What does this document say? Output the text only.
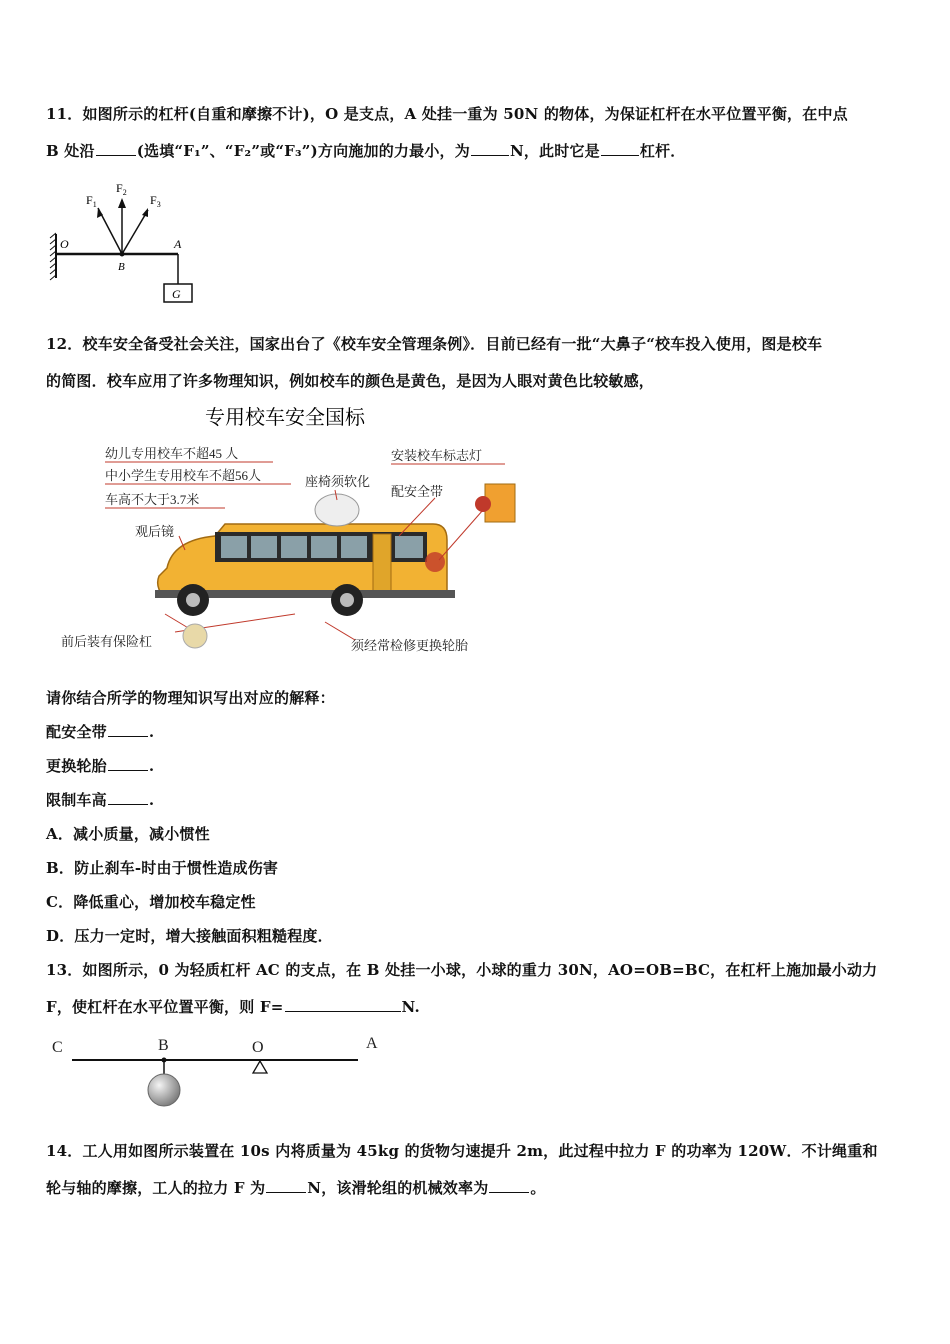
11．如图所示的杠杆(自重和摩擦不计)，O 是支点，A 处挂一重为 50N 的物体，为保证杠杆在水平位置平衡，在中点
B 处沿	(选填“F₁”、“F₂”或“F₃”)方向施加的力最小，为	N，此时它是	杠杆．
G
O	A
B
$F_1$
$F_2$
$F_3$
12．校车安全备受社会关注，国家出台了《校车安全管理条例》．目前已经有一批“大鼻子“校车投入使用，图是校车
的简图．校车应用了许多物理知识，例如校车的颜色是黄色，是因为人眼对黄色比较敏感，
专用校车安全国标
幼儿专用校车不超45 人
中小学生专用校车不超56人
车高不大于3.7米
观后镜
座椅须软化
配安全带
安装校车标志灯
前后装有保险杠	须经常检修更换轮胎
请你结合所学的物理知识写出对应的解释：
配安全带	.
更换轮胎	.
限制车高	.
A．减小质量，减小惯性
B．防止刹车-时由于惯性造成伤害
C．降低重心，增加校车稳定性
D．压力一定时，增大接触面积粗糙程度．
13．如图所示，0 为轻质杠杆 AC 的支点，在 B 处挂一小球，小球的重力 30N，AO=OB=BC，在杠杆上施加最小动力
F，使杠杆在水平位置平衡，则 F=	N.
C	B	O	A
14．工人用如图所示装置在 10s 内将质量为 45kg 的货物匀速提升 2m，此过程中拉力 F 的功率为 120W．不计绳重和
轮与轴的摩擦，工人的拉力 F 为	N，该滑轮组的机械效率为	。
